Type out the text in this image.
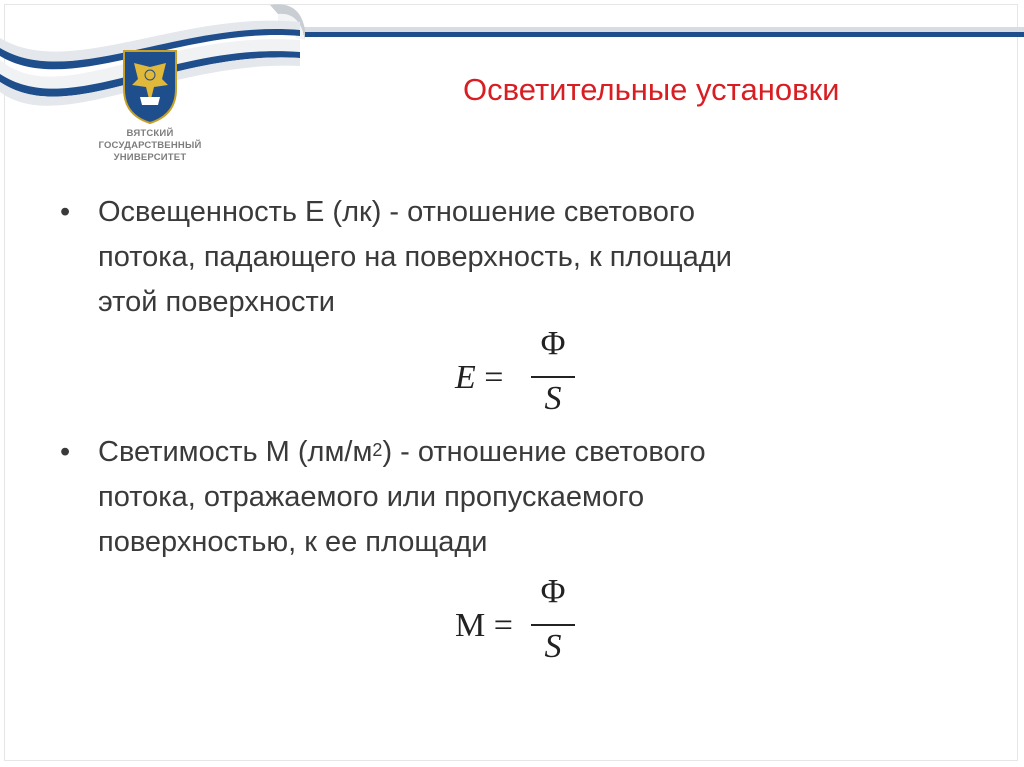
ВЯТСКИЙ
ГОСУДАРСТВЕННЫЙ
УНИВЕРСИТЕТ
Осветительные установки
• Освещенность Е (лк) - отношение светового
потока, падающего на поверхность, к площади
этой поверхности
E =
Φ
S
• Светимость М $(лм/м^2)$ - отношение светового
потока, отражаемого или пропускаемого
поверхностью, к ее площади
M =
Φ
S
